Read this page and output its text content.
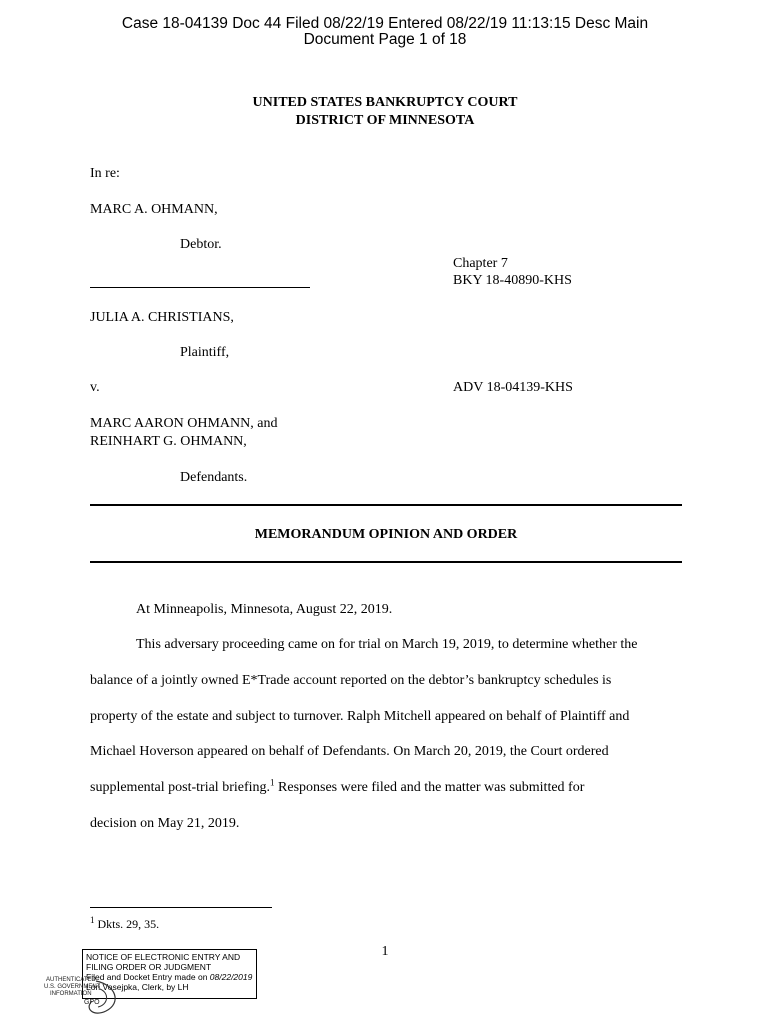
Case 18-04139 Doc 44 Filed 08/22/19 Entered 08/22/19 11:13:15 Desc Main
Document Page 1 of 18
UNITED STATES BANKRUPTCY COURT
DISTRICT OF MINNESOTA
In re:
MARC A. OHMANN,
Debtor.
Chapter 7
BKY 18-40890-KHS
JULIA A. CHRISTIANS,
Plaintiff,
v.	ADV 18-04139-KHS
MARC AARON OHMANN, and
REINHART G. OHMANN,
Defendants.
MEMORANDUM OPINION AND ORDER
At Minneapolis, Minnesota, August 22, 2019.
This adversary proceeding came on for trial on March 19, 2019, to determine whether the
balance of a jointly owned E*Trade account reported on the debtor’s bankruptcy schedules is
property of the estate and subject to turnover. Ralph Mitchell appeared on behalf of Plaintiff and
Michael Hoverson appeared on behalf of Defendants. On March 20, 2019, the Court ordered
supplemental post-trial briefing.$^1$ Responses were filed and the matter was submitted for
decision on May 21, 2019.
$^1$ Dkts. 29, 35.
1
NOTICE OF ELECTRONIC ENTRY AND
FILING ORDER OR JUDGMENT
Filed and Docket Entry made on 08/22/2019
Lori Vosejpka, Clerk, by LH
AUTHENTICATED
U.S. GOVERNMENT
INFORMATION
GPO
